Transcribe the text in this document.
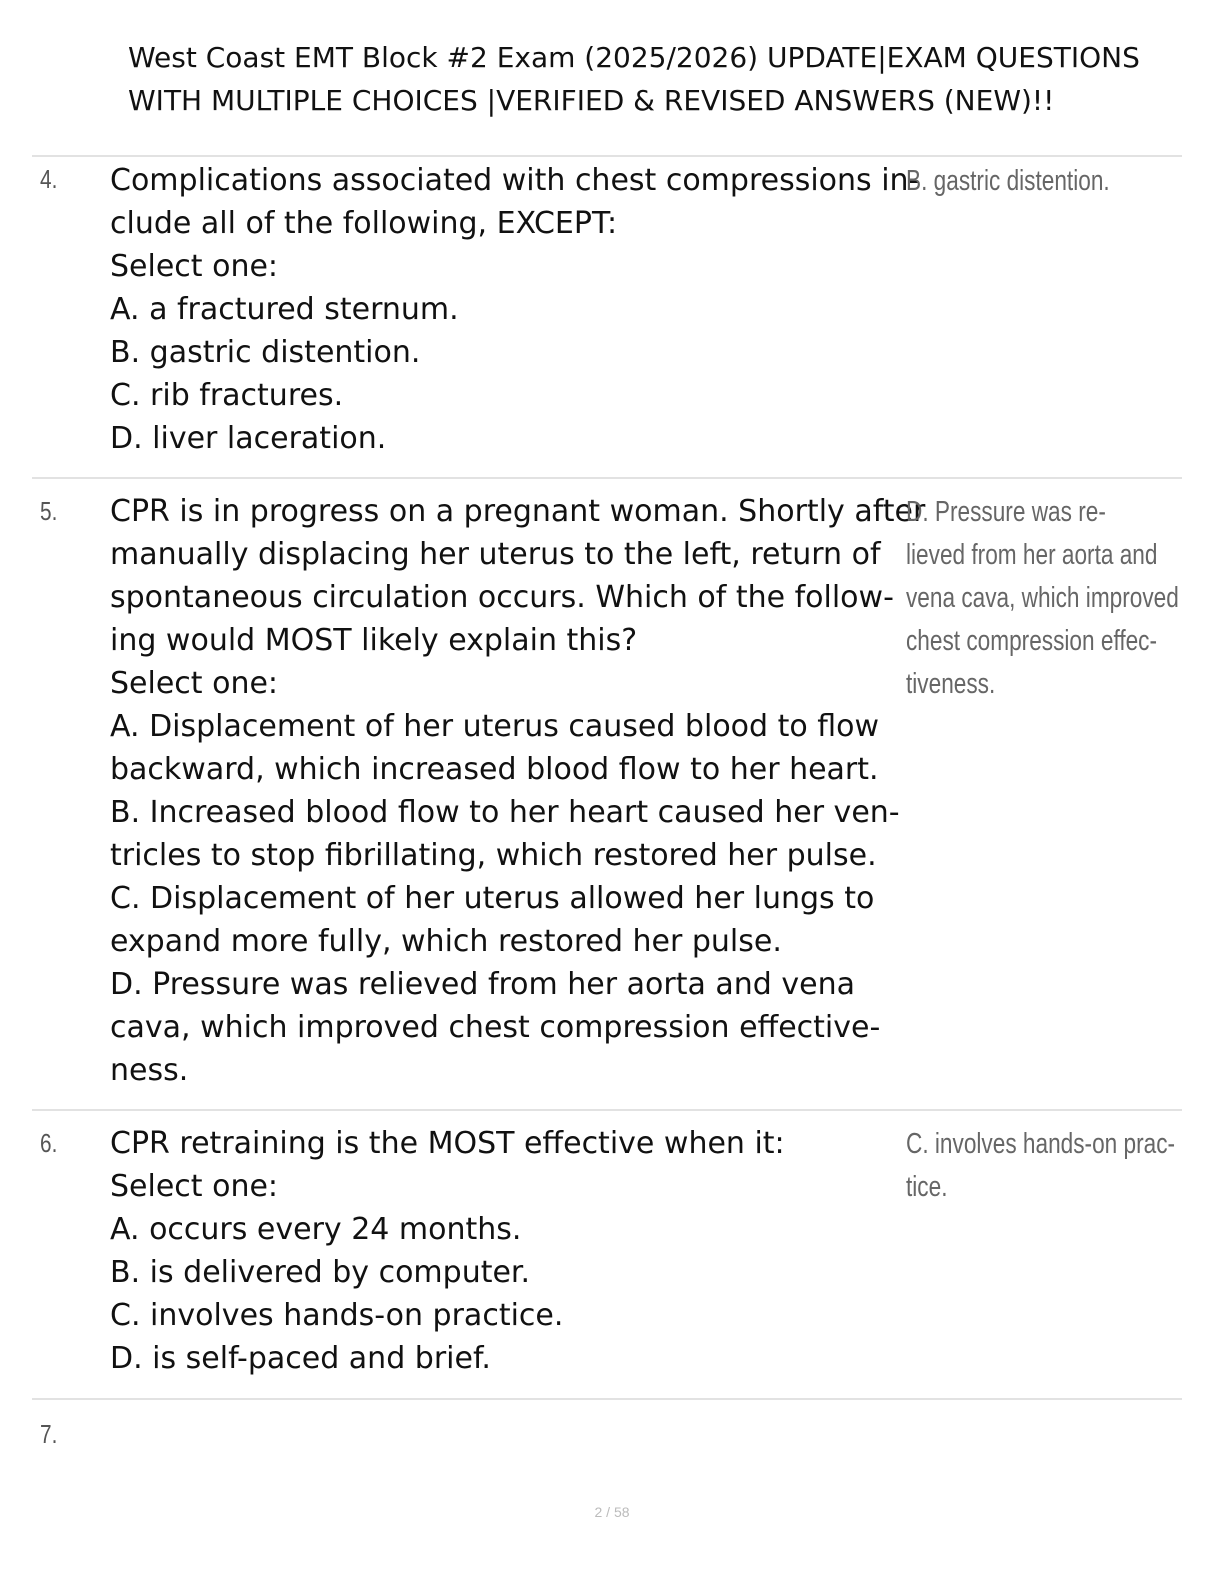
West Coast EMT Block #2 Exam (2025/2026) UPDATE|EXAM QUESTIONS
WITH MULTIPLE CHOICES |VERIFIED & REVISED ANSWERS (NEW)!!
4. Complications associated with chest compressions in-
clude all of the following, EXCEPT:
Select one:
A. a fractured sternum.
B. gastric distention.
C. rib fractures.
D. liver laceration.
B. gastric distention.
5. CPR is in progress on a pregnant woman. Shortly after
manually displacing her uterus to the left, return of
spontaneous circulation occurs. Which of the follow-
ing would MOST likely explain this?
Select one:
A. Displacement of her uterus caused blood to flow
backward, which increased blood flow to her heart.
B. Increased blood flow to her heart caused her ven-
tricles to stop fibrillating, which restored her pulse.
C. Displacement of her uterus allowed her lungs to
expand more fully, which restored her pulse.
D. Pressure was relieved from her aorta and vena
cava, which improved chest compression effective-
ness.
D. Pressure was re-
lieved from her aorta and
vena cava, which improved
chest compression effec-
tiveness.
6. CPR retraining is the MOST effective when it:
Select one:
A. occurs every 24 months.
B. is delivered by computer.
C. involves hands-on practice.
D. is self-paced and brief.
C. involves hands-on prac-
tice.
7.
2 / 58
